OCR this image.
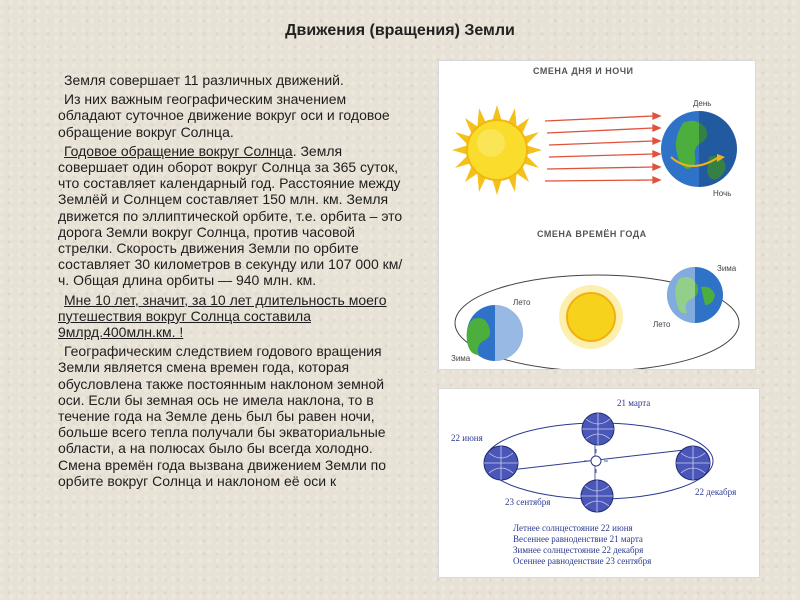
Движения (вращения) Земли

Земля совершает 11 различных движений.

Из них важным географическим значением обладают суточное движение вокруг оси и годовое обращение вокруг Солнца.

Годовое обращение вокруг Солнца. Земля совершает один оборот вокруг Солнца за 365 суток, что составляет календарный год. Расстояние между Землёй и Солнцем составляет 150 млн. км. Земля движется по эллиптической орбите, т.е. орбита – это дорога Земли вокруг Солнца, против часовой стрелки. Скорость движения Земли по орбите составляет 30 километров в секунду или 107 000 км/ч. Общая длина орбиты — 940 млн. км.

Мне 10 лет, значит, за 10 лет длительность моего путешествия вокруг Солнца составила 9млрд.400млн.км. !

Географическим следствием годового вращения Земли является смена времен года, которая обусловлена также постоянным наклоном земной оси. Если бы земная ось не имела наклона, то в течение года на Земле день был бы равен ночи, больше всего тепла получали бы экваториальные области, а на полюсах было бы всегда холодно. Смена времён года вызвана движением Земли по орбите вокруг Солнца и наклоном её оси к

СМЕНА ДНЯ И НОЧИ
День
Ночь
СМЕНА ВРЕМЁН ГОДА
Зима
Лето
Лето
Зима
21 марта
22 июня
22 декабря
23 сентября
Летнее солнцестояние 22 июня
Весеннее равноденствие 21 марта
Зимнее солнцестояние 22 декабря
Осеннее равноденствие 23 сентября
